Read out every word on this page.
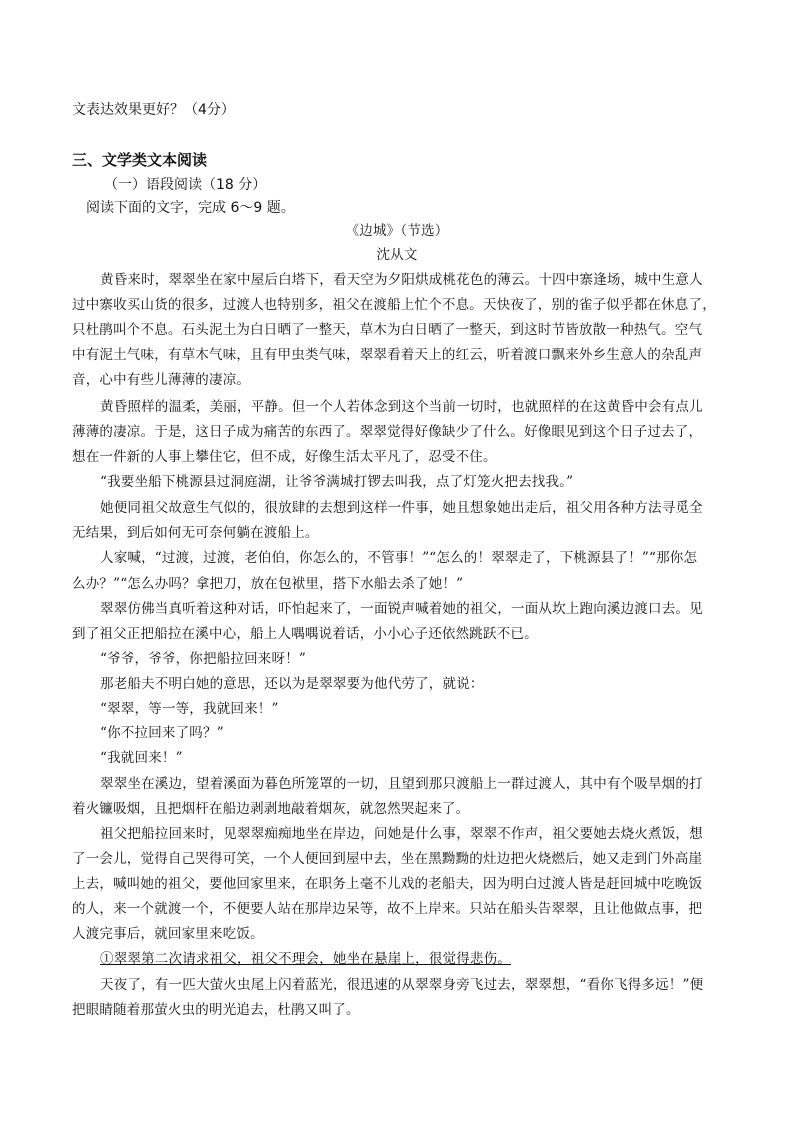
文表达效果更好？（4分）
三、文学类文本阅读
（一）语段阅读（18 分）
阅读下面的文字，完成 6～9 题。
《边城》（节选）
沈从文
黄昏来时，翠翠坐在家中屋后白塔下，看天空为夕阳烘成桃花色的薄云。十四中寨逢场，城中生意人
过中寨收买山货的很多，过渡人也特别多，祖父在渡船上忙个不息。天快夜了，别的雀子似乎都在休息了，
只杜鹃叫个不息。石头泥土为白日晒了一整天，草木为白日晒了一整天，到这时节皆放散一种热气。空气
中有泥土气味，有草木气味，且有甲虫类气味，翠翠看着天上的红云，听着渡口飘来外乡生意人的杂乱声
音，心中有些儿薄薄的凄凉。
黄昏照样的温柔，美丽，平静。但一个人若体念到这个当前一切时，也就照样的在这黄昏中会有点儿
薄薄的凄凉。于是，这日子成为痛苦的东西了。翠翠觉得好像缺少了什么。好像眼见到这个日子过去了，
想在一件新的人事上攀住它，但不成，好像生活太平凡了，忍受不住。
“我要坐船下桃源县过洞庭湖，让爷爷满城打锣去叫我，点了灯笼火把去找我。”
她便同祖父故意生气似的，很放肆的去想到这样一件事，她且想象她出走后，祖父用各种方法寻觅全
无结果，到后如何无可奈何躺在渡船上。
人家喊，“过渡，过渡，老伯伯，你怎么的，不管事！”“怎么的！翠翠走了，下桃源县了！”“那你怎
么办？”“怎么办吗？拿把刀，放在包袱里，搭下水船去杀了她！”
翠翠仿佛当真听着这种对话，吓怕起来了，一面锐声喊着她的祖父，一面从坎上跑向溪边渡口去。见
到了祖父正把船拉在溪中心，船上人喁喁说着话，小小心子还依然跳跃不已。
“爷爷，爷爷，你把船拉回来呀！”
那老船夫不明白她的意思，还以为是翠翠要为他代劳了，就说：
“翠翠，等一等，我就回来！”
“你不拉回来了吗？”
“我就回来！”
翠翠坐在溪边，望着溪面为暮色所笼罩的一切，且望到那只渡船上一群过渡人，其中有个吸旱烟的打
着火镰吸烟，且把烟杆在船边剥剥地敲着烟灰，就忽然哭起来了。
祖父把船拉回来时，见翠翠痴痴地坐在岸边，问她是什么事，翠翠不作声，祖父要她去烧火煮饭，想
了一会儿，觉得自己哭得可笑，一个人便回到屋中去，坐在黑黝黝的灶边把火烧燃后，她又走到门外高崖
上去，喊叫她的祖父，要他回家里来，在职务上毫不儿戏的老船夫，因为明白过渡人皆是赶回城中吃晚饭
的人，来一个就渡一个，不便要人站在那岸边呆等，故不上岸来。只站在船头告翠翠，且让他做点事，把
人渡完事后，就回家里来吃饭。
①翠翠第二次请求祖父，祖父不理会，她坐在悬崖上，很觉得悲伤。
天夜了，有一匹大萤火虫尾上闪着蓝光，很迅速的从翠翠身旁飞过去，翠翠想，“看你飞得多远！”便
把眼睛随着那萤火虫的明光追去，杜鹃又叫了。
